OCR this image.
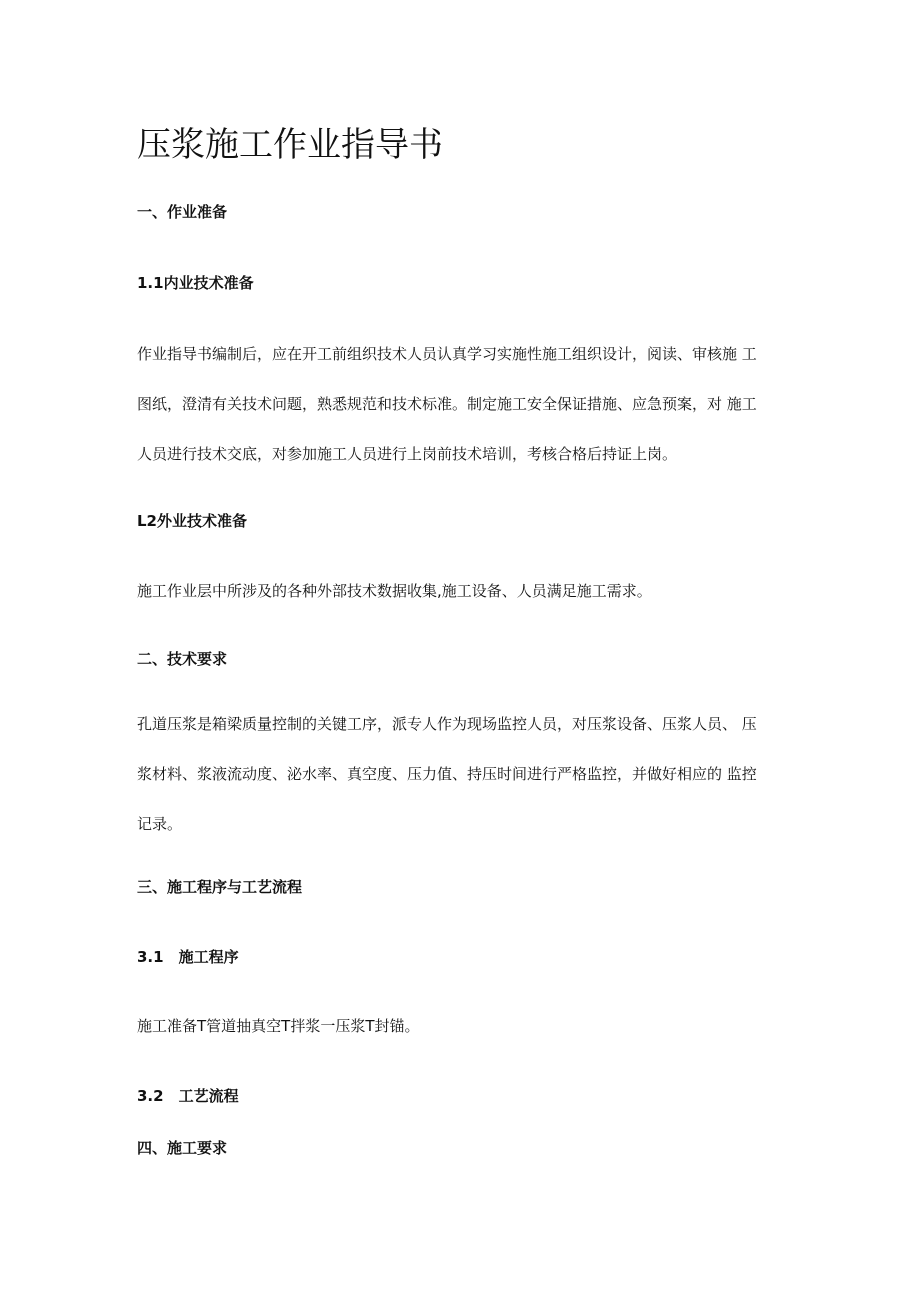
压浆施工作业指导书
一、作业准备
1.1内业技术准备
作业指导书编制后，应在开工前组织技术人员认真学习实施性施工组织设计，阅读、审核施 工
图纸，澄清有关技术问题，熟悉规范和技术标准。制定施工安全保证措施、应急预案，对 施工
人员进行技术交底，对参加施工人员进行上岗前技术培训，考核合格后持证上岗。
L2外业技术准备

施工作业层中所涉及的各种外部技术数据收集,施工设备、人员满足施工需求。

二、技术要求
孔道压浆是箱梁质量控制的关键工序，派专人作为现场监控人员，对压浆设备、压浆人员、 压
浆材料、浆液流动度、泌水率、真空度、压力值、持压时间进行严格监控，并做好相应的 监控
记录。
三、施工程序与工艺流程
3.1　施工程序

施工准备T管道抽真空T拌浆一压浆T封锚。

3.2　工艺流程
四、施工要求
